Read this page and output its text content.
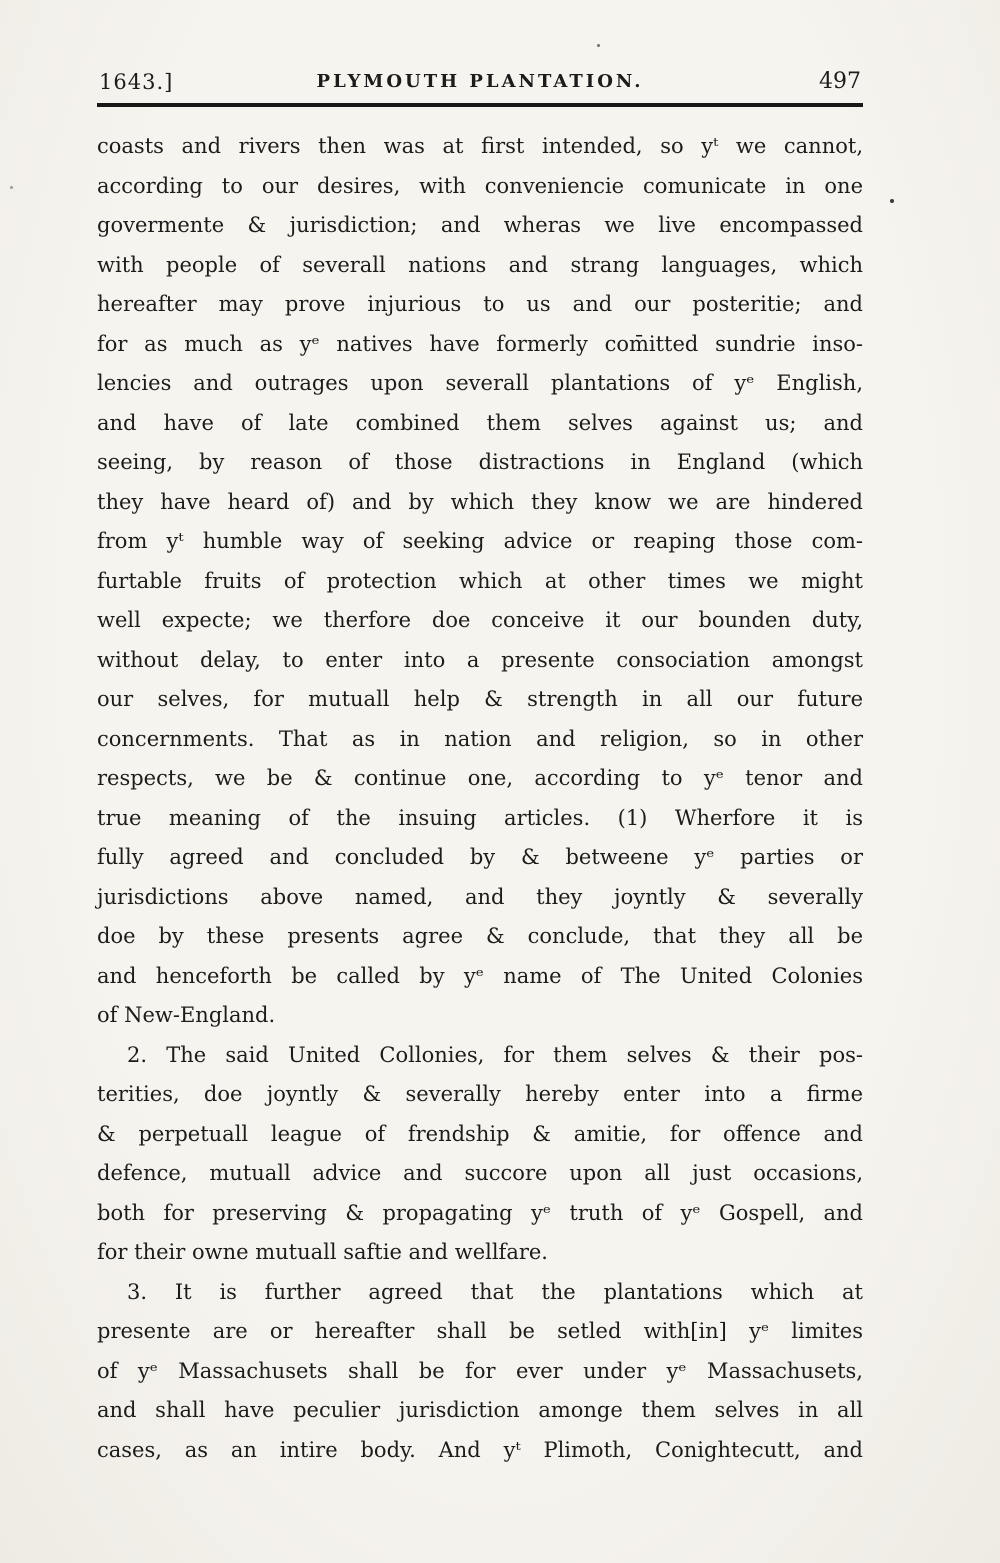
1643.]	PLYMOUTH PLANTATION.	497
coasts and rivers then was at first intended, so yᵗ we cannot,
according to our desires, with conveniencie comunicate in one
govermente & jurisdiction; and wheras we live encompassed
with people of severall nations and strang languages, which
hereafter may prove injurious to us and our posteritie; and
for as much as yᵉ natives have formerly com̄itted sundrie inso-
lencies and outrages upon severall plantations of yᵉ English,
and have of late combined them selves against us; and
seeing, by reason of those distractions in England (which
they have heard of) and by which they know we are hindered
from yᵗ humble way of seeking advice or reaping those com-
furtable fruits of protection which at other times we might
well expecte; we therfore doe conceive it our bounden duty,
without delay, to enter into a presente consociation amongst
our selves, for mutuall help & strength in all our future
concernments. That as in nation and religion, so in other
respects, we be & continue one, according to yᵉ tenor and
true meaning of the insuing articles. (1) Wherfore it is
fully agreed and concluded by & betweene yᵉ parties or
jurisdictions above named, and they joyntly & severally
doe by these presents agree & conclude, that they all be
and henceforth be called by yᵉ name of The United Colonies
of New-England.
2. The said United Collonies, for them selves & their pos-
terities, doe joyntly & severally hereby enter into a firme
& perpetuall league of frendship & amitie, for offence and
defence, mutuall advice and succore upon all just occasions,
both for preserving & propagating yᵉ truth of yᵉ Gospell, and
for their owne mutuall saftie and wellfare.
3. It is further agreed that the plantations which at
presente are or hereafter shall be setled with[in] yᵉ limites
of yᵉ Massachusets shall be for ever under yᵉ Massachusets,
and shall have peculier jurisdiction amonge them selves in all
cases, as an intire body. And yᵗ Plimoth, Conightecutt, and
